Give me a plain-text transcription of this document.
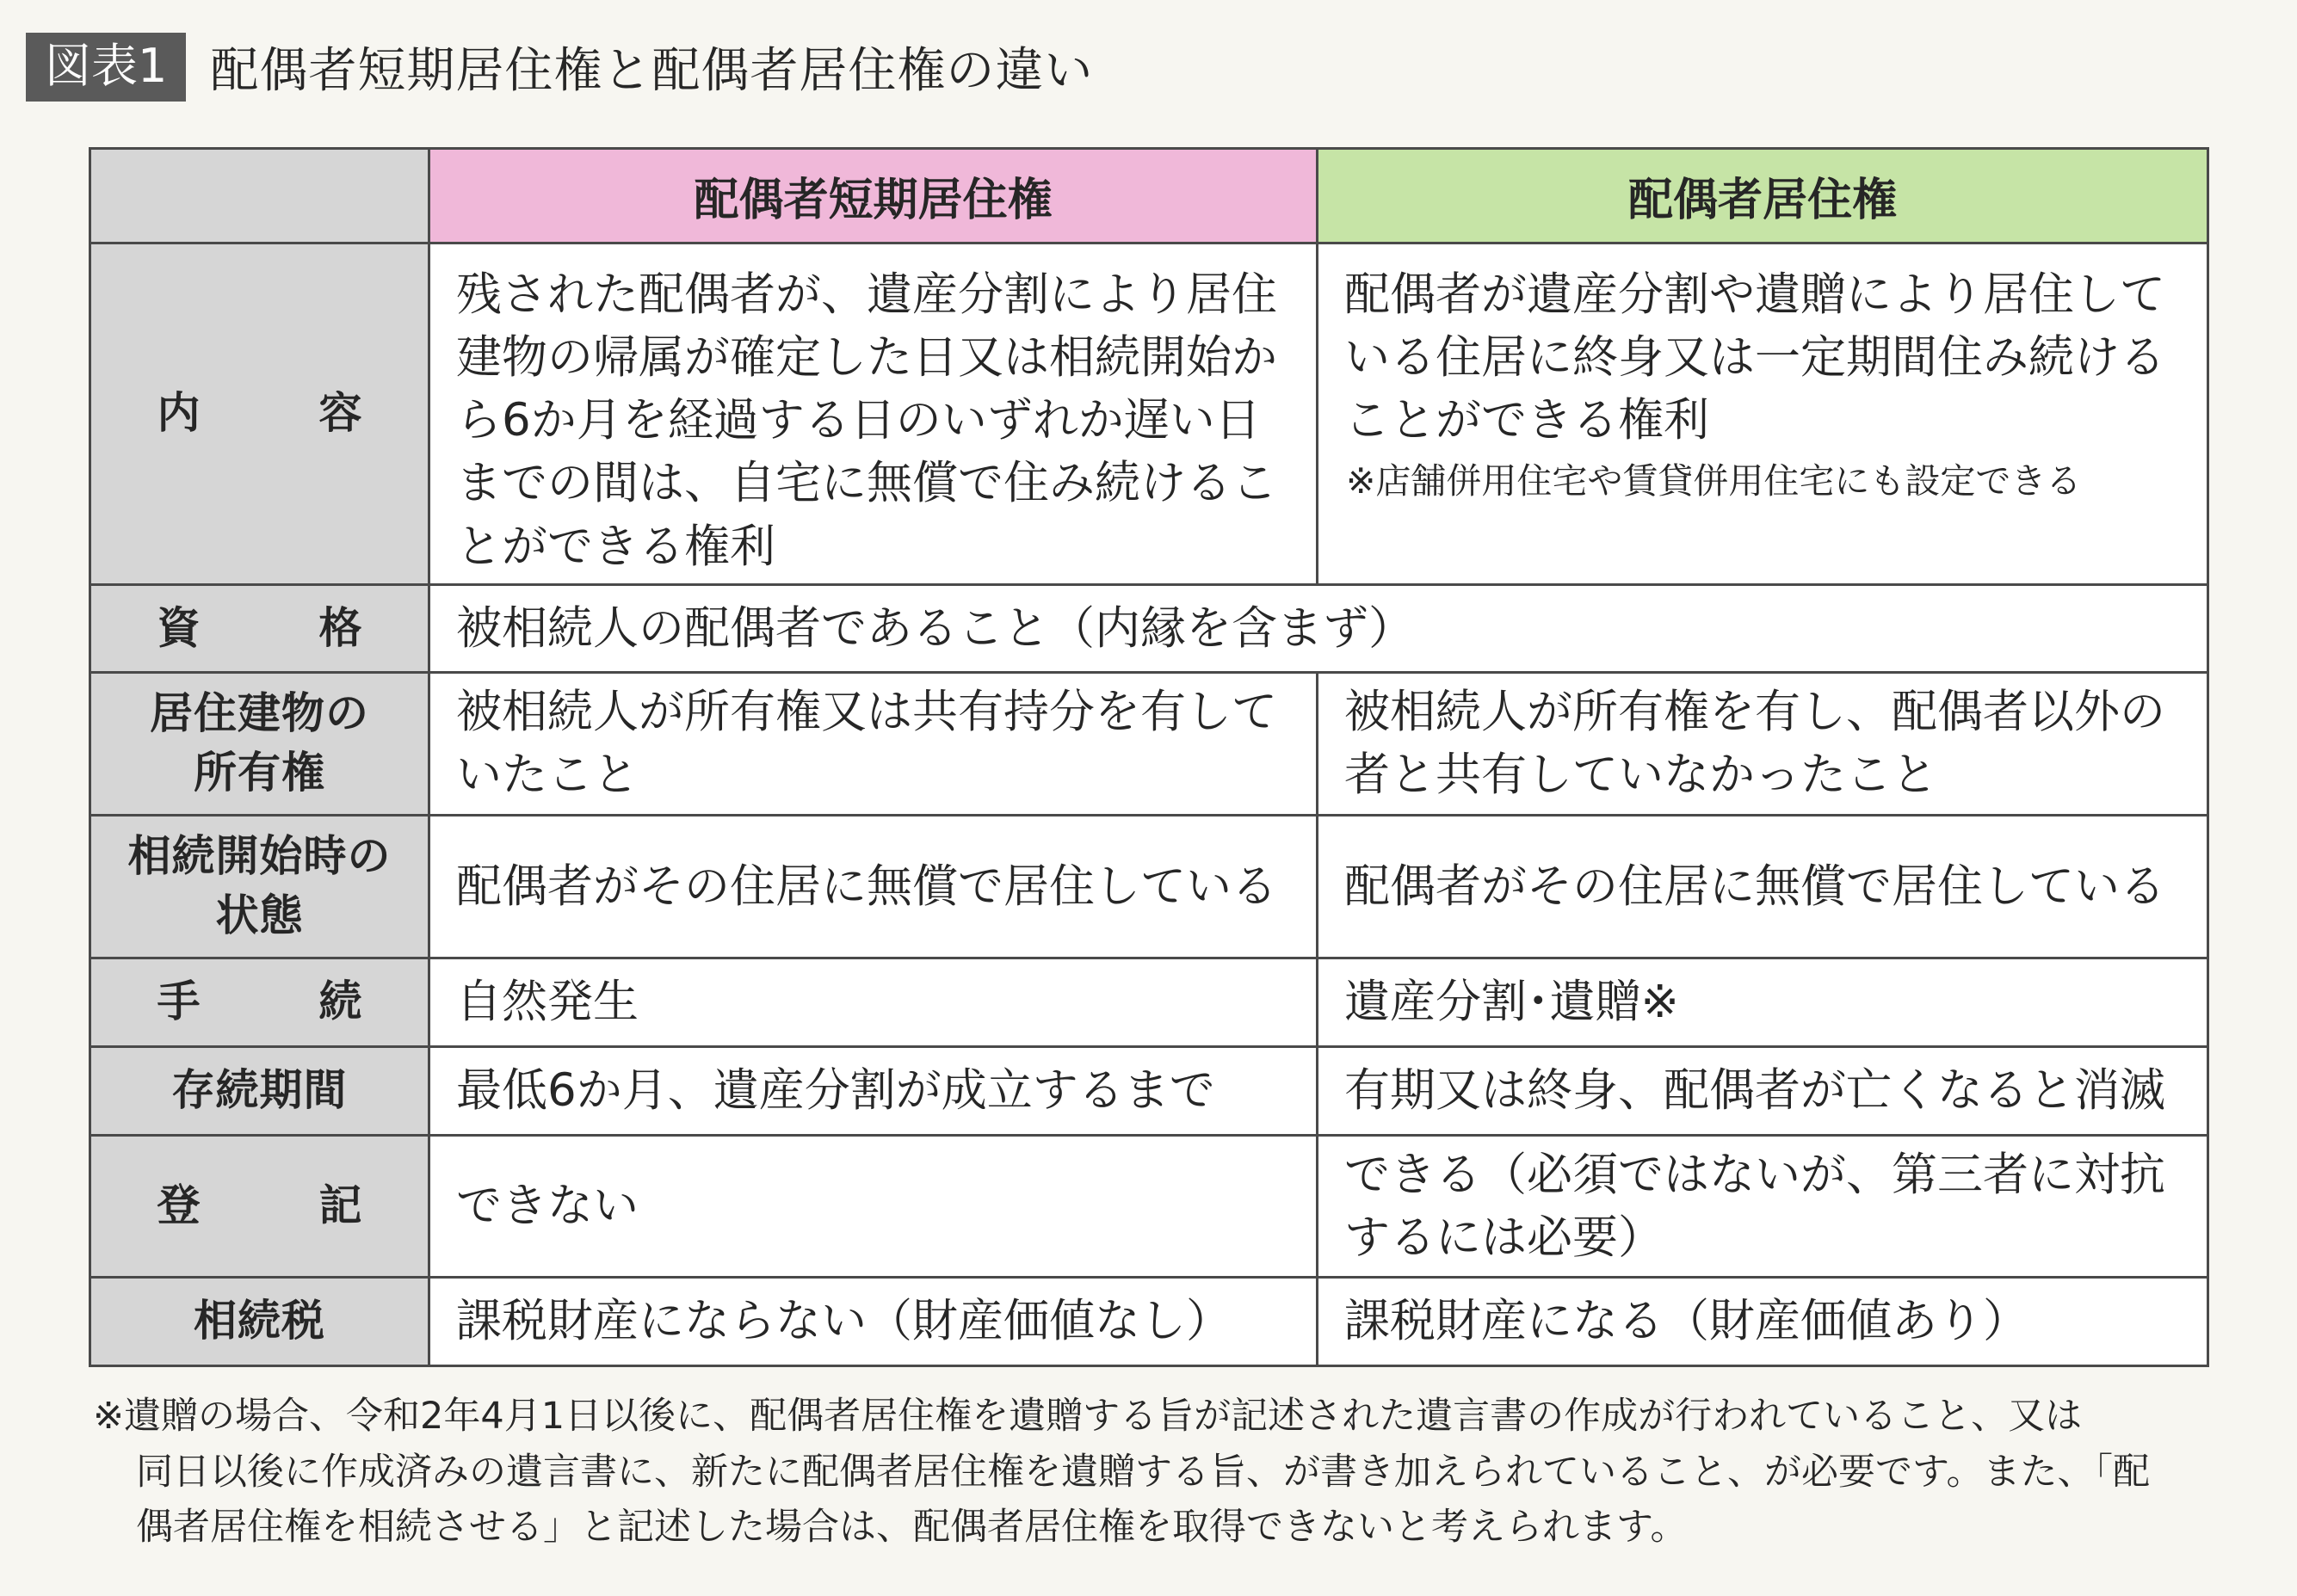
図表1 配偶者短期居住権と配偶者居住権の違い
	配偶者短期居住権	配偶者居住権
内　容	残された配偶者が、遺産分割により居住建物の帰属が確定した日又は相続開始から6か月を経過する日のいずれか遅い日までの間は、自宅に無償で住み続けることができる権利	配偶者が遺産分割や遺贈により居住している住居に終身又は一定期間住み続けることができる権利
※店舗併用住宅や賃貸併用住宅にも設定できる

資　格	被相続人の配偶者であること（内縁を含まず）	
居住建物の
所有権	被相続人が所有権又は共有持分を有していたこと	被相続人が所有権を有し、配偶者以外の者と共有していなかったこと
相続開始時の
状態	配偶者がその住居に無償で居住している	配偶者がその住居に無償で居住している
手　続	自然発生	遺産分割･遺贈※
存続期間	最低6か月、遺産分割が成立するまで	有期又は終身、配偶者が亡くなると消滅
登　記	できない	できる（必須ではないが、第三者に対抗するには必要）
相続税	課税財産にならない（財産価値なし）	課税財産になる（財産価値あり）
※遺贈の場合、令和2年4月1日以後に、配偶者居住権を遺贈する旨が記述された遺言書の作成が行われていること、又は
同日以後に作成済みの遺言書に、新たに配偶者居住権を遺贈する旨、が書き加えられていること、が必要です。また、「配
偶者居住権を相続させる」と記述した場合は、配偶者居住権を取得できないと考えられます。
